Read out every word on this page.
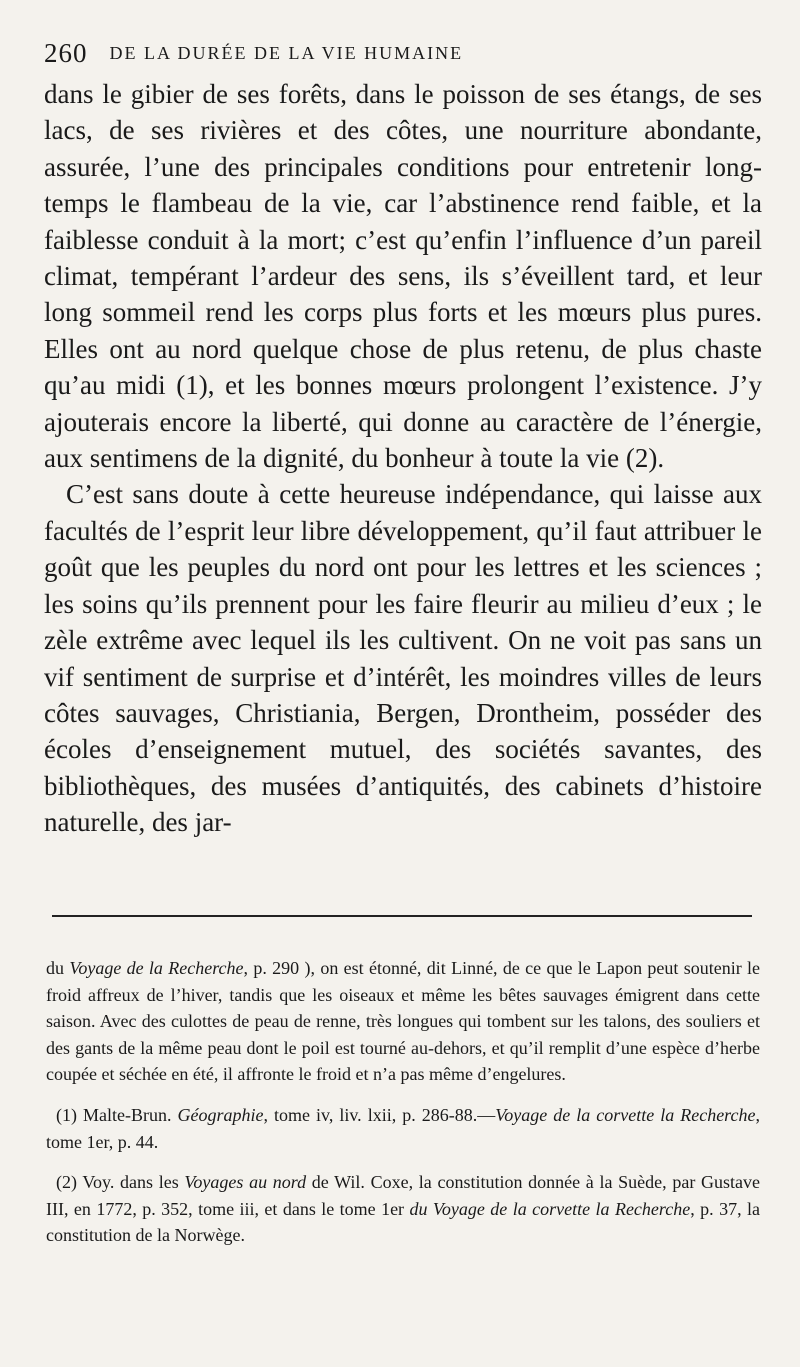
260 DE LA DURÉE DE LA VIE HUMAINE

dans le gibier de ses forêts, dans le poisson de ses étangs, de ses lacs, de ses rivières et des côtes, une nourriture abondante, assurée, l’une des principales conditions pour entretenir long-temps le flambeau de la vie, car l’abstinence rend faible, et la faiblesse conduit à la mort; c’est qu’enfin l’influence d’un pareil climat, tempérant l’ardeur des sens, ils s’éveillent tard, et leur long sommeil rend les corps plus forts et les mœurs plus pures. Elles ont au nord quelque chose de plus retenu, de plus chaste qu’au midi (1), et les bonnes mœurs prolongent l’existence. J’y ajouterais encore la liberté, qui donne au caractère de l’énergie, aux sentimens de la dignité, du bonheur à toute la vie (2).

C’est sans doute à cette heureuse indépendance, qui laisse aux facultés de l’esprit leur libre développement, qu’il faut attribuer le goût que les peuples du nord ont pour les lettres et les sciences ; les soins qu’ils prennent pour les faire fleurir au milieu d’eux ; le zèle extrême avec lequel ils les cultivent. On ne voit pas sans un vif sentiment de surprise et d’intérêt, les moindres villes de leurs côtes sauvages, Christiania, Bergen, Drontheim, posséder des écoles d’enseignement mutuel, des sociétés savantes, des bibliothèques, des musées d’antiquités, des cabinets d’histoire naturelle, des jar-

du Voyage de la Recherche, p. 290 ), on est étonné, dit Linné, de ce que le Lapon peut soutenir le froid affreux de l’hiver, tandis que les oiseaux et même les bêtes sauvages émigrent dans cette saison. Avec des culottes de peau de renne, très longues qui tombent sur les talons, des souliers et des gants de la même peau dont le poil est tourné au-dehors, et qu’il remplit d’une espèce d’herbe coupée et séchée en été, il affronte le froid et n’a pas même d’engelures.

(1) Malte-Brun. Géographie, tome iv, liv. lxii, p. 286-88.—Voyage de la corvette la Recherche, tome 1er, p. 44.

(2) Voy. dans les Voyages au nord de Wil. Coxe, la constitution donnée à la Suède, par Gustave III, en 1772, p. 352, tome iii, et dans le tome 1er du Voyage de la corvette la Recherche, p. 37, la constitution de la Norwège.
